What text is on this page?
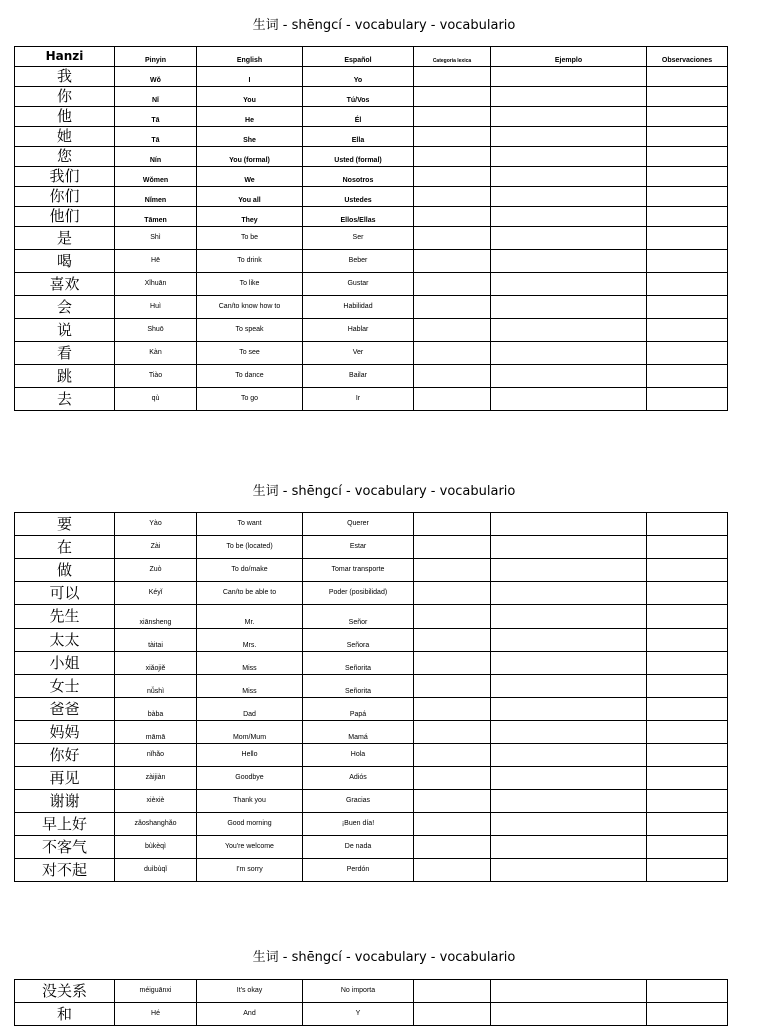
生词 - shēngcí - vocabulary - vocabulario
Hanzi	Pinyin	English	Español	Categoria lexica	Ejemplo	Observaciones
我	Wǒ	I	Yo			
你	Nǐ	You	Tú/Vos			
他	Tā	He	Él			
她	Tā	She	Ella			
您	Nín	You (formal)	Usted (formal)			
我们	Wǒmen	We	Nosotros			
你们	Nǐmen	You all	Ustedes			
他们	Tāmen	They	Ellos/Ellas			
是	Shì	To be	Ser			
喝	Hē	To drink	Beber			
喜欢	Xǐhuān	To like	Gustar			
会	Huì	Can/to know how to	Habilidad			
说	Shuō	To speak	Hablar			
看	Kàn	To see	Ver			
跳	Tiào	To dance	Bailar			
去	qù	To go	Ir			
生词 - shēngcí - vocabulary - vocabulario
要	Yào	To want	Querer			
在	Zài	To be (located)	Estar			
做	Zuò	To do/make	Tomar transporte			
可以	Kéyǐ	Can/to be able to	Poder (posibilidad)			
先生	xiānsheng	Mr.	Señor			
太太	tàitai	Mrs.	Señora			
小姐	xiǎojiě	Miss	Señorita			
女士	nǚshì	Miss	Señorita			
爸爸	bàba	Dad	Papá			
妈妈	māmā	Mom/Mum	Mamá			
你好	nǐhǎo	Hello	Hola			
再见	zàijiàn	Goodbye	Adiós			
谢谢	xièxiè	Thank you	Gracias			
早上好	zǎoshanghǎo	Good morning	¡Buen día!			
不客气	bùkèqì	You're welcome	De nada			
对不起	duìbùqǐ	I'm sorry	Perdón			
生词 - shēngcí - vocabulary - vocabulario
没关系	méiguānxi	It's okay	No importa			
和	Hé	And	Y			
